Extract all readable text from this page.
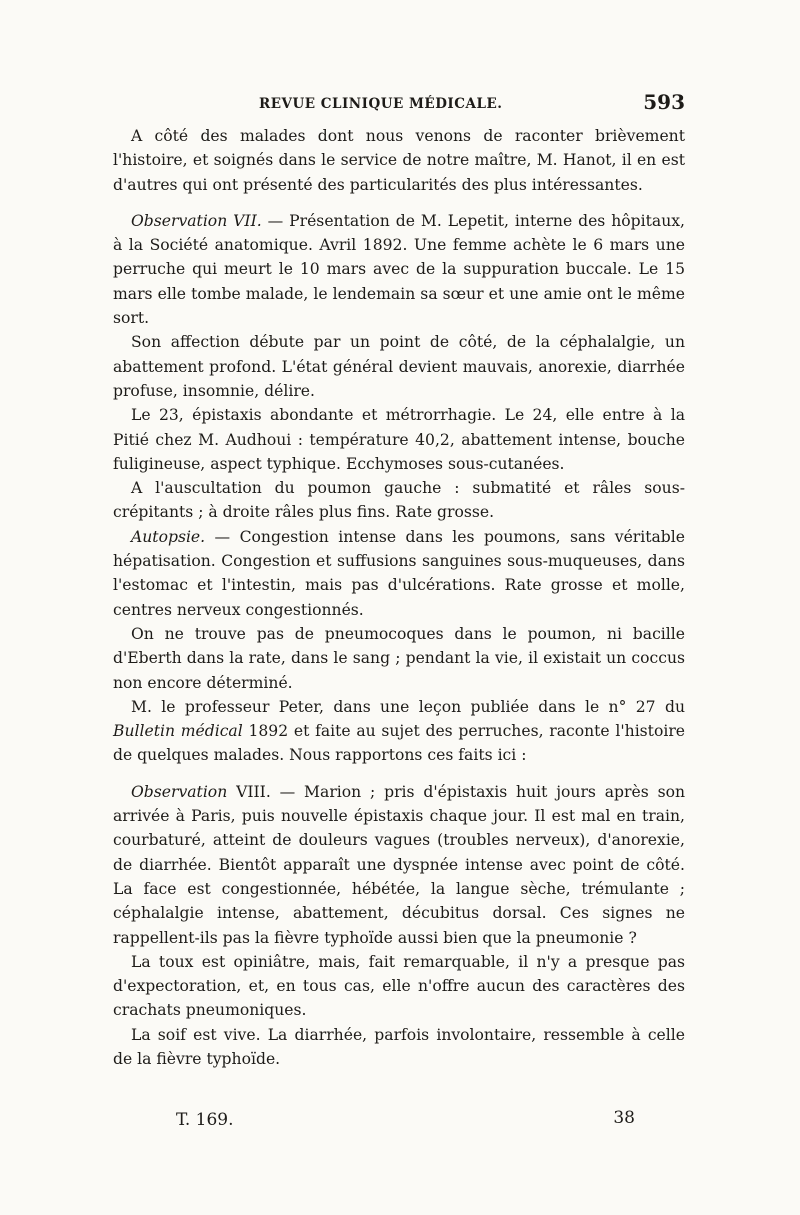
REVUE CLINIQUE MÉDICALE.	593

A côté des malades dont nous venons de raconter brièvement l'histoire, et soignés dans le service de notre maître, M. Hanot, il en est d'autres qui ont présenté des particularités des plus intéressantes.

Observation VII. — Présentation de M. Lepetit, interne des hôpitaux, à la Société anatomique. Avril 1892. Une femme achète le 6 mars une perruche qui meurt le 10 mars avec de la suppuration buccale. Le 15 mars elle tombe malade, le lendemain sa sœur et une amie ont le même sort.

Son affection débute par un point de côté, de la céphalalgie, un abattement profond. L'état général devient mauvais, anorexie, diarrhée profuse, insomnie, délire.

Le 23, épistaxis abondante et métrorrhagie. Le 24, elle entre à la Pitié chez M. Audhoui : température 40,2, abattement intense, bouche fuligineuse, aspect typhique. Ecchymoses sous-cutanées.

A l'auscultation du poumon gauche : submatité et râles sous-crépitants ; à droite râles plus fins. Rate grosse.

Autopsie. — Congestion intense dans les poumons, sans véritable hépatisation. Congestion et suffusions sanguines sous-muqueuses, dans l'estomac et l'intestin, mais pas d'ulcérations. Rate grosse et molle, centres nerveux congestionnés.

On ne trouve pas de pneumocoques dans le poumon, ni bacille d'Eberth dans la rate, dans le sang ; pendant la vie, il existait un coccus non encore déterminé.

M. le professeur Peter, dans une leçon publiée dans le n° 27 du Bulletin médical 1892 et faite au sujet des perruches, raconte l'histoire de quelques malades. Nous rapportons ces faits ici :

Observation VIII. — Marion ; pris d'épistaxis huit jours après son arrivée à Paris, puis nouvelle épistaxis chaque jour. Il est mal en train, courbaturé, atteint de douleurs vagues (troubles nerveux), d'anorexie, de diarrhée. Bientôt apparaît une dyspnée intense avec point de côté. La face est congestionnée, hébétée, la langue sèche, trémulante ; céphalalgie intense, abattement, décubitus dorsal. Ces signes ne rappellent-ils pas la fièvre typhoïde aussi bien que la pneumonie ?

La toux est opiniâtre, mais, fait remarquable, il n'y a presque pas d'expectoration, et, en tous cas, elle n'offre aucun des caractères des crachats pneumoniques.

La soif est vive. La diarrhée, parfois involontaire, ressemble à celle de la fièvre typhoïde.

T. 169.	38
